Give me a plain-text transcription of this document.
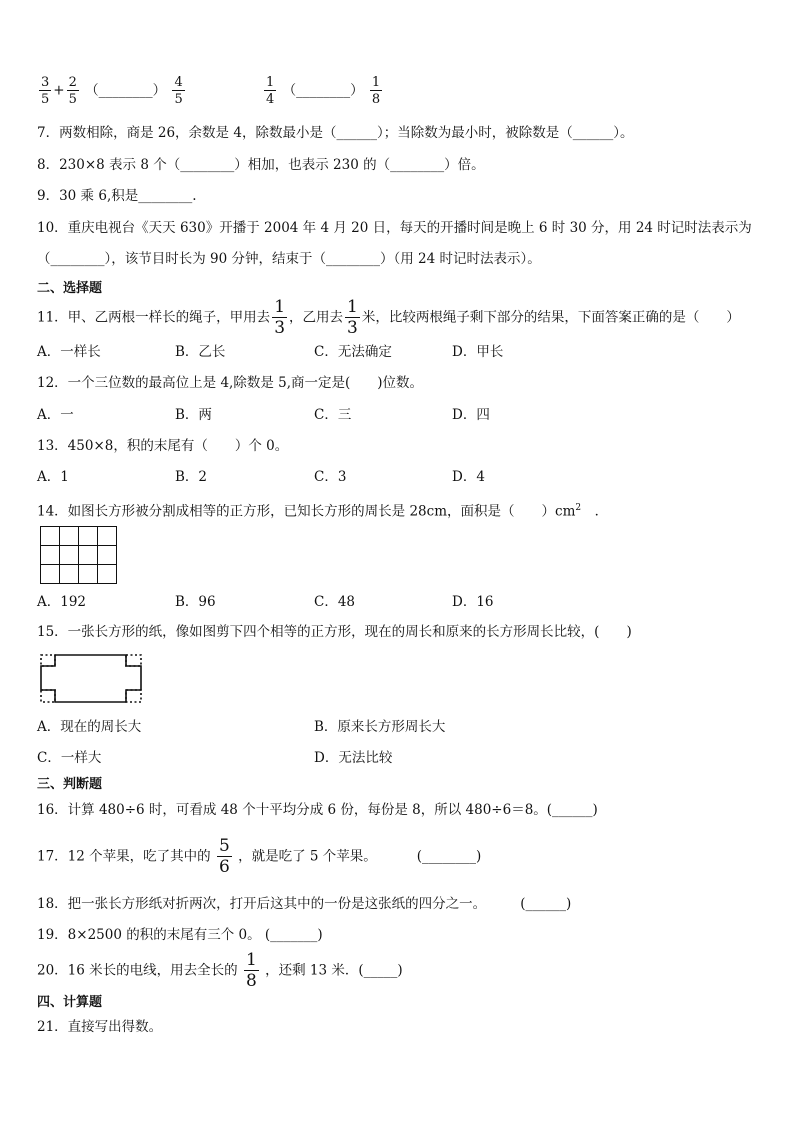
$\frac{3}{5} + \frac{2}{5}$ （________） $\frac{4}{5}$	$\frac{1}{4}$ （________） $\frac{1}{8}$
7．两数相除，商是 26，余数是 4，除数最小是（______）；当除数为最小时，被除数是（______）。
8．230×8 表示 8 个（________）相加，也表示 230 的（________）倍。
9．30 乘 6,积是________.
10．重庆电视台《天天 630》开播于 2004 年 4 月 20 日，每天的开播时间是晚上 6 时 30 分，用 24 时记时法表示为
（________），该节目时长为 90 分钟，结束于（________）（用 24 时记时法表示）。
二、选择题
11．甲、乙两根一样长的绳子，甲用去 $\frac{1}{3}$ ，乙用去 $\frac{1}{3}$ 米，比较两根绳子剩下部分的结果，下面答案正确的是（　　）
A．一样长	B．乙长	C．无法确定	D．甲长
12．一个三位数的最高位上是 4,除数是 5,商一定是(　　)位数。
A．一	B．两	C．三	D．四
13．450×8，积的末尾有（　　）个 0。
A．1	B．2	C．3	D．4
14．如图长方形被分割成相等的正方形，已知长方形的周长是 28cm，面积是（　　）$cm^2$　．
A．192	B．96	C．48	D．16
15．一张长方形的纸，像如图剪下四个相等的正方形，现在的周长和原来的长方形周长比较，(　　)
A．现在的周长大	B．原来长方形周长大
C．一样大	D．无法比较
三、判断题
16．计算 480÷6 时，可看成 48 个十平均分成 6 份，每份是 8，所以 480÷6＝8。(______)
17．12 个苹果，吃了其中的 $\frac{5}{6}$ ，就是吃了 5 个苹果。	(________)
18．把一张长方形纸对折两次，打开后这其中的一份是这张纸的四分之一。	(______)
19．8×2500 的积的末尾有三个 0。 (_______)
20．16 米长的电线，用去全长的 $\frac{1}{8}$ ，还剩 13 米．(_____)
四、计算题
21．直接写出得数。
